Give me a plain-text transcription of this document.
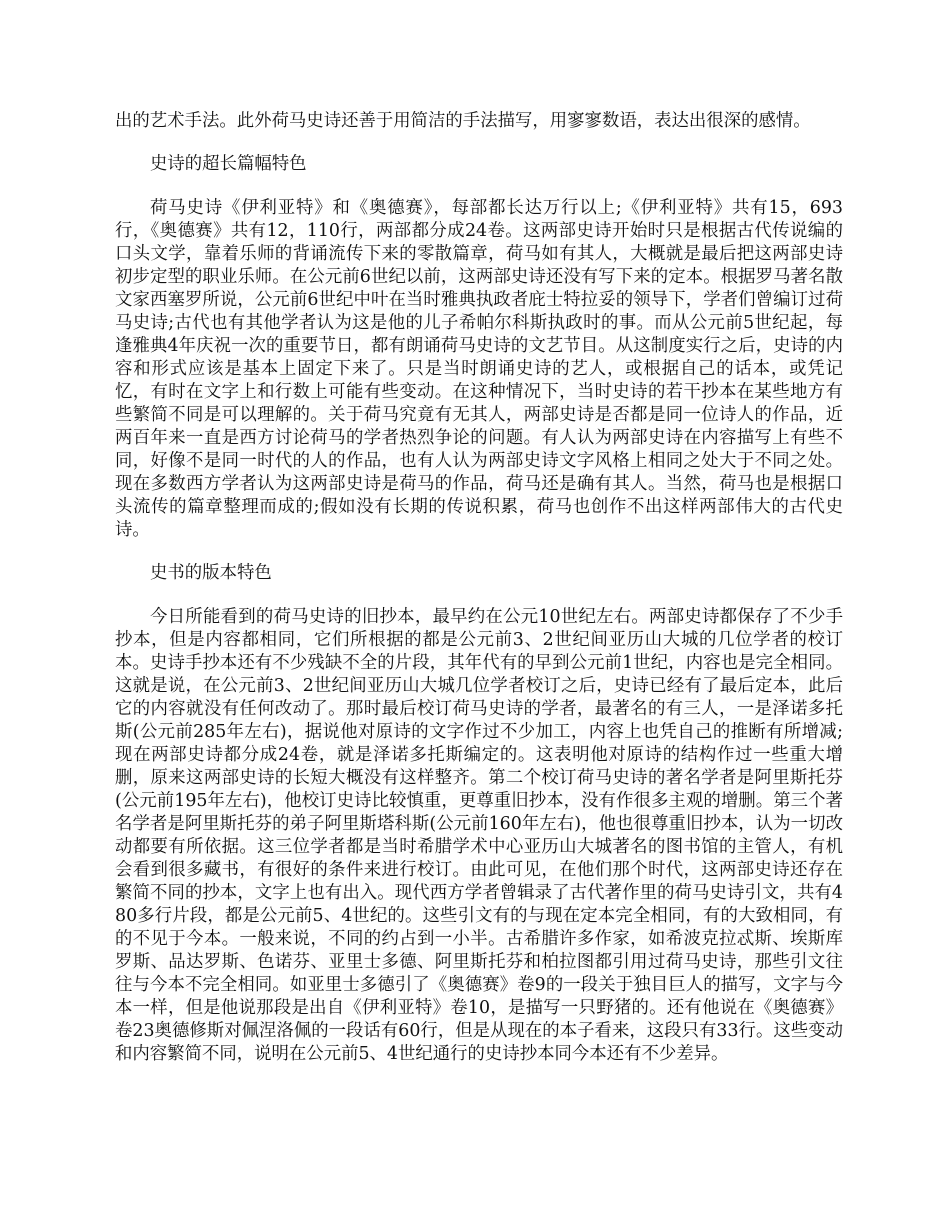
出的艺术手法。此外荷马史诗还善于用简洁的手法描写，用寥寥数语，表达出很深的感情。

史诗的超长篇幅特色

荷马史诗《伊利亚特》和《奥德赛》，每部都长达万行以上;《伊利亚特》共有15，693行，《奥德赛》共有12，110行，两部都分成24卷。这两部史诗开始时只是根据古代传说编的口头文学，靠着乐师的背诵流传下来的零散篇章，荷马如有其人，大概就是最后把这两部史诗初步定型的职业乐师。在公元前6世纪以前，这两部史诗还没有写下来的定本。根据罗马著名散文家西塞罗所说，公元前6世纪中叶在当时雅典执政者庇士特拉妥的领导下，学者们曾编订过荷马史诗;古代也有其他学者认为这是他的儿子希帕尔科斯执政时的事。而从公元前5世纪起，每逢雅典4年庆祝一次的重要节日，都有朗诵荷马史诗的文艺节目。从这制度实行之后，史诗的内容和形式应该是基本上固定下来了。只是当时朗诵史诗的艺人，或根据自己的话本，或凭记忆，有时在文字上和行数上可能有些变动。在这种情况下，当时史诗的若干抄本在某些地方有些繁简不同是可以理解的。关于荷马究竟有无其人，两部史诗是否都是同一位诗人的作品，近两百年来一直是西方讨论荷马的学者热烈争论的问题。有人认为两部史诗在内容描写上有些不同，好像不是同一时代的人的作品，也有人认为两部史诗文字风格上相同之处大于不同之处。现在多数西方学者认为这两部史诗是荷马的作品，荷马还是确有其人。当然，荷马也是根据口头流传的篇章整理而成的;假如没有长期的传说积累，荷马也创作不出这样两部伟大的古代史诗。

史书的版本特色

今日所能看到的荷马史诗的旧抄本，最早约在公元10世纪左右。两部史诗都保存了不少手抄本，但是内容都相同，它们所根据的都是公元前3、2世纪间亚历山大城的几位学者的校订本。史诗手抄本还有不少残缺不全的片段，其年代有的早到公元前1世纪，内容也是完全相同。这就是说，在公元前3、2世纪间亚历山大城几位学者校订之后，史诗已经有了最后定本，此后它的内容就没有任何改动了。那时最后校订荷马史诗的学者，最著名的有三人，一是泽诺多托斯(公元前285年左右)，据说他对原诗的文字作过不少加工，内容上也凭自己的推断有所增减;现在两部史诗都分成24卷，就是泽诺多托斯编定的。这表明他对原诗的结构作过一些重大增删，原来这两部史诗的长短大概没有这样整齐。第二个校订荷马史诗的著名学者是阿里斯托芬(公元前195年左右)，他校订史诗比较慎重，更尊重旧抄本，没有作很多主观的增删。第三个著名学者是阿里斯托芬的弟子阿里斯塔科斯(公元前160年左右)，他也很尊重旧抄本，认为一切改动都要有所依据。这三位学者都是当时希腊学术中心亚历山大城著名的图书馆的主管人，有机会看到很多藏书，有很好的条件来进行校订。由此可见，在他们那个时代，这两部史诗还存在繁简不同的抄本，文字上也有出入。现代西方学者曾辑录了古代著作里的荷马史诗引文，共有480多行片段，都是公元前5、4世纪的。这些引文有的与现在定本完全相同，有的大致相同，有的不见于今本。一般来说，不同的约占到一小半。古希腊许多作家，如希波克拉忒斯、埃斯库罗斯、品达罗斯、色诺芬、亚里士多德、阿里斯托芬和柏拉图都引用过荷马史诗，那些引文往往与今本不完全相同。如亚里士多德引了《奥德赛》卷9的一段关于独目巨人的描写，文字与今本一样，但是他说那段是出自《伊利亚特》卷10，是描写一只野猪的。还有他说在《奥德赛》卷23奥德修斯对佩涅洛佩的一段话有60行，但是从现在的本子看来，这段只有33行。这些变动和内容繁简不同，说明在公元前5、4世纪通行的史诗抄本同今本还有不少差异。
